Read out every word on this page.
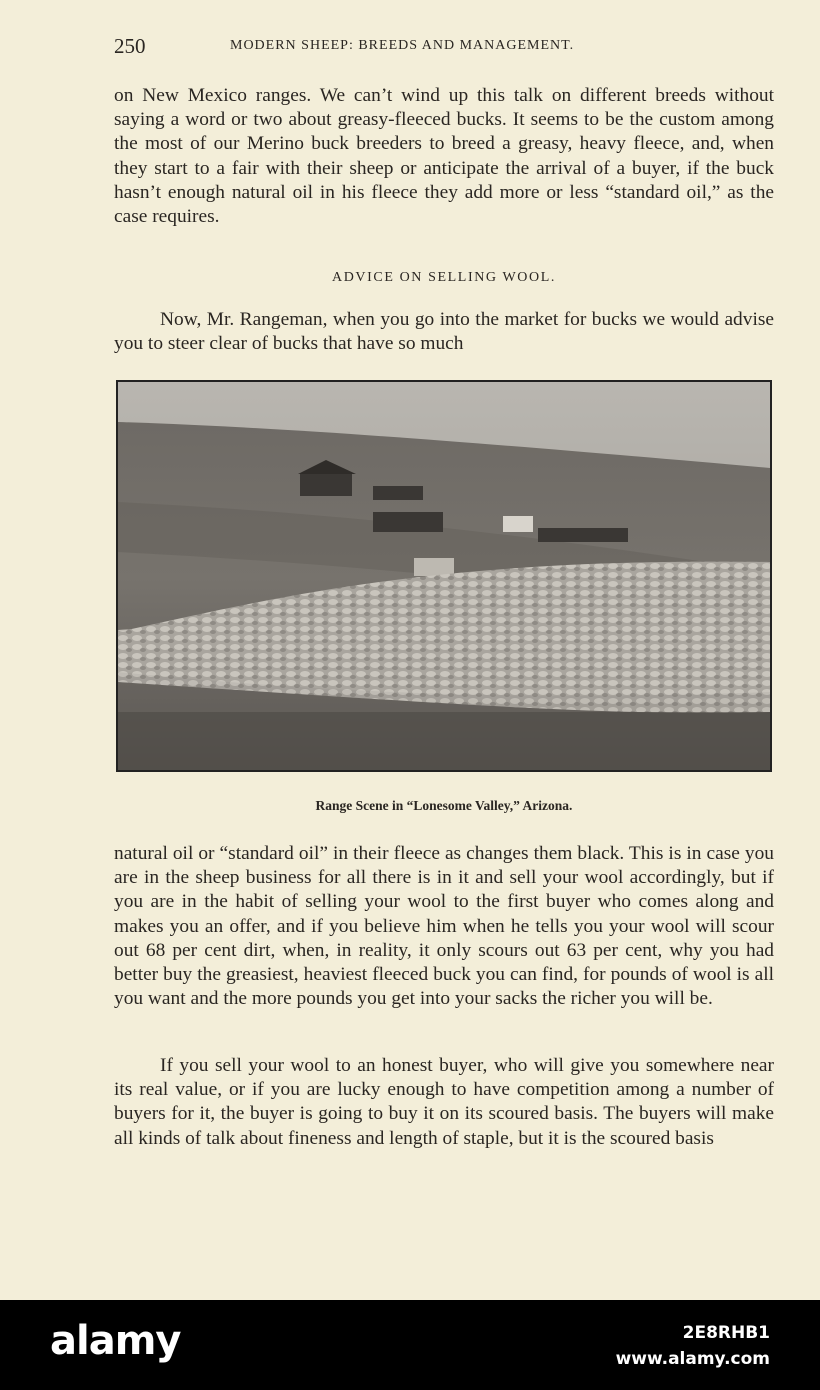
250	MODERN SHEEP: BREEDS AND MANAGEMENT.

on New Mexico ranges. We can’t wind up this talk on different breeds without saying a word or two about greasy-fleeced bucks. It seems to be the custom among the most of our Merino buck breeders to breed a greasy, heavy fleece, and, when they start to a fair with their sheep or anticipate the arrival of a buyer, if the buck hasn’t enough natural oil in his fleece they add more or less “standard oil,” as the case requires.

ADVICE ON SELLING WOOL.

Now, Mr. Rangeman, when you go into the market for bucks we would advise you to steer clear of bucks that have so much

Range Scene in “Lonesome Valley,” Arizona.

natural oil or “standard oil” in their fleece as changes them black. This is in case you are in the sheep business for all there is in it and sell your wool accordingly, but if you are in the habit of selling your wool to the first buyer who comes along and makes you an offer, and if you believe him when he tells you your wool will scour out 68 per cent dirt, when, in reality, it only scours out 63 per cent, why you had better buy the greasiest, heaviest fleeced buck you can find, for pounds of wool is all you want and the more pounds you get into your sacks the richer you will be.

If you sell your wool to an honest buyer, who will give you somewhere near its real value, or if you are lucky enough to have competition among a number of buyers for it, the buyer is going to buy it on its scoured basis. The buyers will make all kinds of talk about fineness and length of staple, but it is the scoured basis

alamy	2E8RHB1
www.alamy.com
